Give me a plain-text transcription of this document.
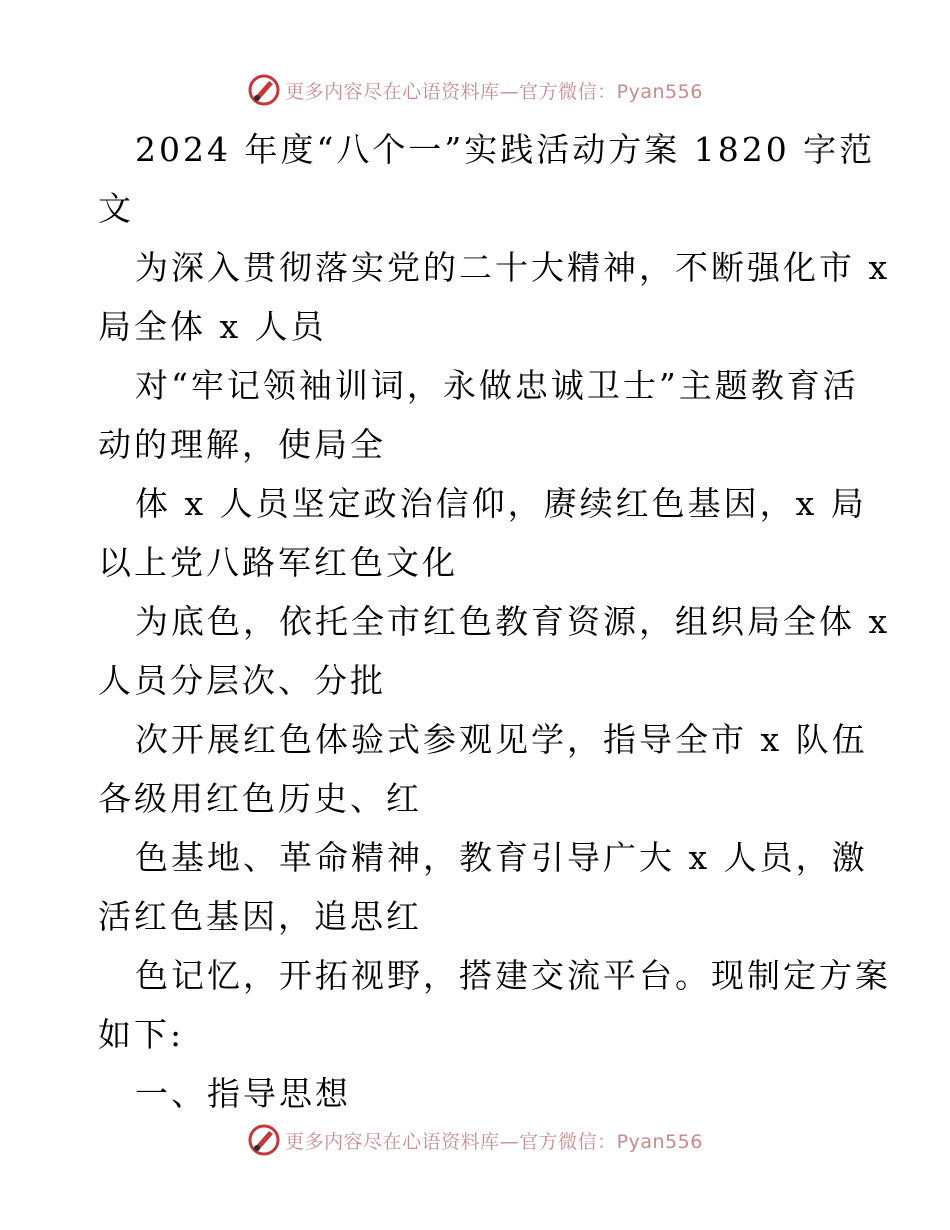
更多内容尽在心语资料库—官方微信：Pyan556
2024 年度“八个一”实践活动方案 1820 字范
文
为深入贯彻落实党的二十大精神，不断强化市 x
局全体 x 人员
对“牢记领袖训词，永做忠诚卫士”主题教育活
动的理解，使局全
体 x 人员坚定政治信仰，赓续红色基因，x 局
以上党八路军红色文化
为底色，依托全市红色教育资源，组织局全体 x
人员分层次、分批
次开展红色体验式参观见学，指导全市 x 队伍
各级用红色历史、红
色基地、革命精神，教育引导广大 x 人员，激
活红色基因，追思红
色记忆，开拓视野，搭建交流平台。现制定方案
如下:
一、指导思想
更多内容尽在心语资料库—官方微信：Pyan556
